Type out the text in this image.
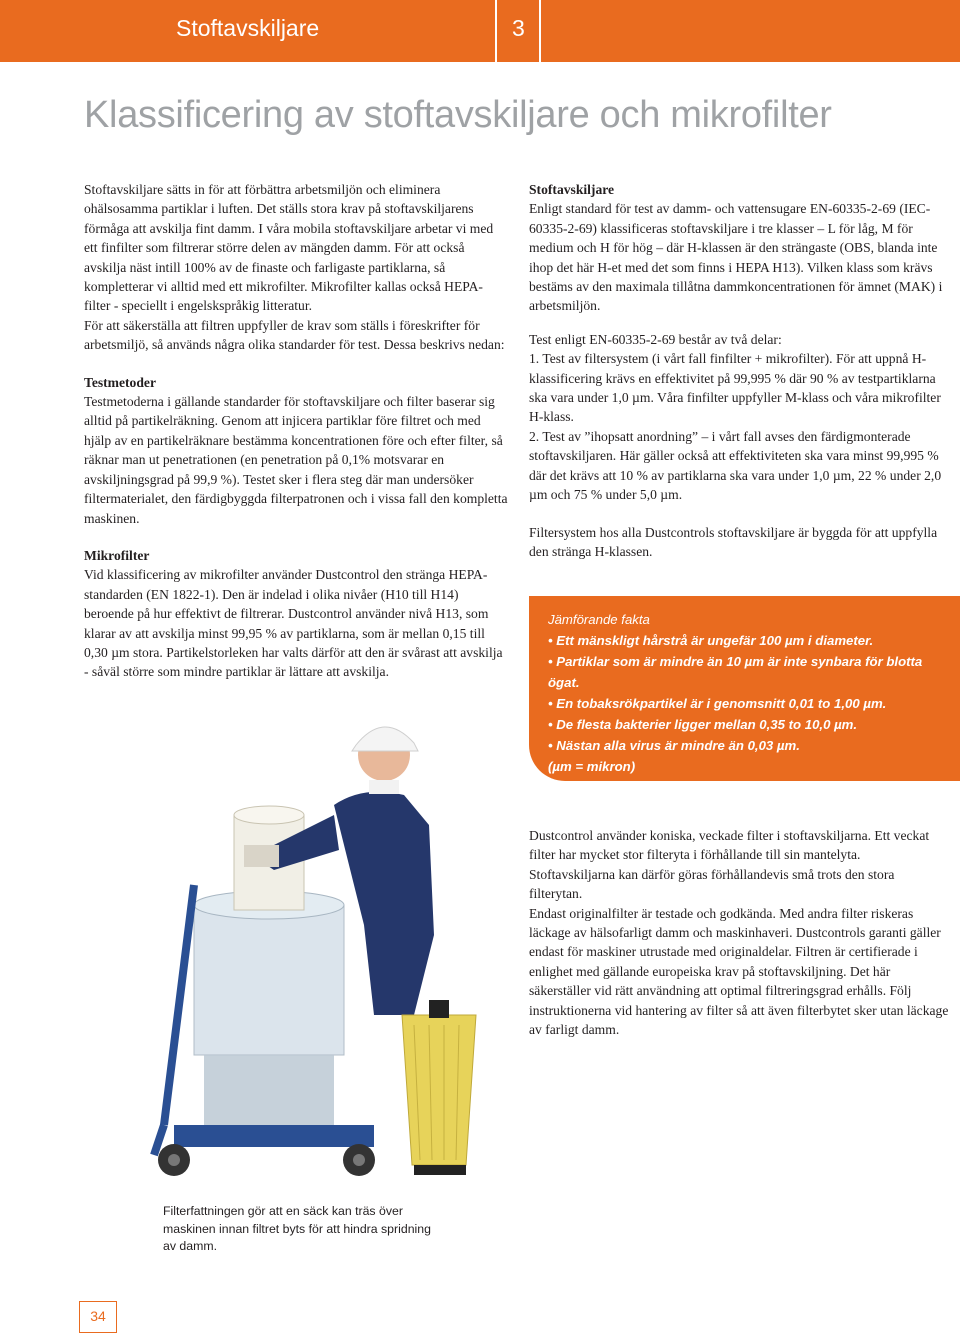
Stoftavskiljare	3
Klassificering av stoftavskiljare och mikrofilter

Stoftavskiljare sätts in för att förbättra arbetsmiljön och eliminera ohälsosamma partiklar i luften. Det ställs stora krav på stoftavskiljarens förmåga att avskilja fint damm. I våra mobila stoftavskiljare arbetar vi med ett finfilter som filtrerar större delen av mängden damm. För att också avskilja näst intill 100% av de finaste och farligaste partiklarna, så kompletterar vi alltid med ett mikrofilter. Mikrofilter kallas också HEPA-filter - speciellt i engelskspråkig litteratur.

För att säkerställa att filtren uppfyller de krav som ställs i föreskrifter för arbetsmiljö, så används några olika standarder för test. Dessa beskrivs nedan:

Testmetoder

Testmetoderna i gällande standarder för stoftavskiljare och filter baserar sig alltid på partikelräkning. Genom att injicera partiklar före filtret och med hjälp av en partikelräknare bestämma koncentrationen före och efter filter, så räknar man ut penetrationen (en penetration på 0,1% motsvarar en avskiljningsgrad på 99,9 %). Testet sker i flera steg där man undersöker filtermaterialet, den färdigbyggda filterpatronen och i vissa fall den kompletta maskinen.

Mikrofilter

Vid klassificering av mikrofilter använder Dustcontrol den stränga HEPA-standarden (EN 1822-1). Den är indelad i olika nivåer (H10 till H14) beroende på hur effektivt de filtrerar. Dustcontrol använder nivå H13, som klarar av att avskilja minst 99,95 % av partiklarna, som är mellan 0,15 till 0,30 µm stora. Partikelstorleken har valts därför att den är svårast att avskilja - såväl större som mindre partiklar är lättare att avskilja.

Stoftavskiljare

Enligt standard för test av damm- och vattensugare EN-60335-2-69 (IEC-60335-2-69) klassificeras stoftavskiljare i tre klasser – L för låg, M för medium och H för hög – där H-klassen är den strängaste (OBS, blanda inte ihop det här H-et med det som finns i HEPA H13). Vilken klass som krävs bestäms av den maximala tillåtna dammkoncentrationen för ämnet (MAK) i arbetsmiljön.

Test enligt EN-60335-2-69 består av två delar:

1. Test av filtersystem (i vårt fall finfilter + mikrofilter). För att uppnå H-klassificering krävs en effektivitet på 99,995 % där 90 % av testpartiklarna ska vara under 1,0 µm. Våra finfilter uppfyller M-klass och våra mikrofilter H-klass.

2. Test av ”ihopsatt anordning” – i vårt fall avses den färdigmonterade stoftavskiljaren. Här gäller också att effektiviteten ska vara minst 99,995 % där det krävs att 10 % av partiklarna ska vara under 1,0 µm, 22 % under 2,0 µm och 75 % under 5,0 µm.

Filtersystem hos alla Dustcontrols stoftavskiljare är byggda för att uppfylla den stränga H-klassen.

Jämförande fakta
• Ett mänskligt hårstrå är ungefär 100 µm i diameter.
• Partiklar som är mindre än 10 µm är inte synbara för blotta ögat.
• En tobaksrökpartikel är i genomsnitt 0,01 to 1,00 µm.
• De flesta bakterier ligger mellan 0,35 to 10,0 µm.
• Nästan alla virus är mindre än 0,03 µm.
(µm = mikron)

Dustcontrol använder koniska, veckade filter i stoftavskiljarna. Ett veckat filter har mycket stor filteryta i förhållande till sin mantelyta. Stoftavskiljarna kan därför göras förhållandevis små trots den stora filterytan.

Endast originalfilter är testade och godkända. Med andra filter riskeras läckage av hälsofarligt damm och maskinhaveri. Dustcontrols garanti gäller endast för maskiner utrustade med originaldelar. Filtren är certifierade i enlighet med gällande europeiska krav på stoftavskiljning. Det här säkerställer vid rätt användning att optimal filtreringsgrad erhålls. Följ instruktionerna vid hantering av filter så att även filterbytet sker utan läckage av farligt damm.

Filterfattningen gör att en säck kan träs över maskinen innan filtret byts för att hindra spridning av damm.
34
